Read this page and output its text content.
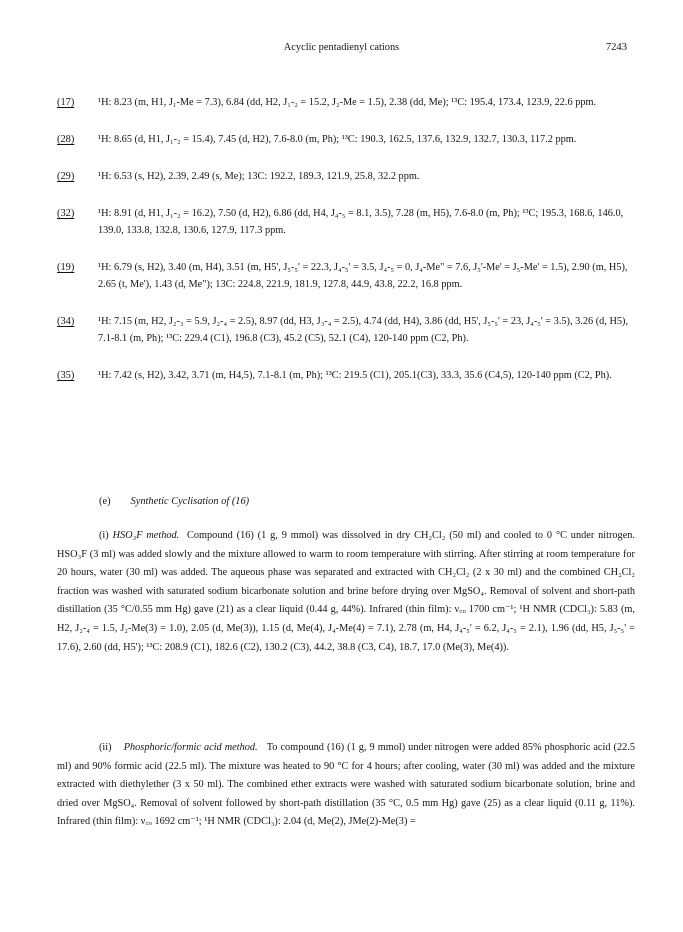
Acyclic pentadienyl cations	7243
(17)	¹H: 8.23 (m, H1, J₁-Me = 7.3), 6.84 (dd, H2, J₁-₂ = 15.2, J₂-Me = 1.5), 2.38 (dd, Me); ¹³C: 195.4, 173.4, 123.9, 22.6 ppm.
(28)	¹H: 8.65 (d, H1, J₁-₂ = 15.4), 7.45 (d, H2), 7.6-8.0 (m, Ph); ¹³C: 190.3, 162.5, 137.6, 132.9, 132.7, 130.3, 117.2 ppm.
(29)	¹H: 6.53 (s, H2), 2.39, 2.49 (s, Me); 13C: 192.2, 189.3, 121.9, 25.8, 32.2 ppm.
(32)	¹H: 8.91 (d, H1, J₁-₂ = 16.2), 7.50 (d, H2), 6.86 (dd, H4, J₄-₅ = 8.1, 3.5), 7.28 (m, H5), 7.6-8.0 (m, Ph); ¹³C; 195.3, 168.6, 146.0, 139.0, 133.8, 132.8, 130.6, 127.9, 117.3 ppm.
(19)	¹H: 6.79 (s, H2), 3.40 (m, H4), 3.51 (m, H5', J₅-₅' = 22.3, J₄-₅' = 3.5, J₄-₅ = 0, J₄-Me" = 7.6, J₅'-Me' = J₅-Me' = 1.5), 2.90 (m, H5), 2.65 (t, Me'), 1.43 (d, Me"); 13C: 224.8, 221.9, 181.9, 127.8, 44.9, 43.8, 22.2, 16.8 ppm.
(34)	¹H: 7.15 (m, H2, J₂-₃ = 5.9, J₂-₄ = 2.5), 8.97 (dd, H3, J₃-₄ = 2.5), 4.74 (dd, H4), 3.86 (dd, H5', J₅-₅' = 23, J₄-₅' = 3.5), 3.26 (d, H5), 7.1-8.1 (m, Ph); ¹³C: 229.4 (C1), 196.8 (C3), 45.2 (C5), 52.1 (C4), 120-140 ppm (C2, Ph).
(35)	¹H: 7.42 (s, H2), 3.42, 3.71 (m, H4,5), 7.1-8.1 (m, Ph); ¹³C: 219.5 (C1), 205.1(C3), 33.3, 35.6 (C4,5), 120-140 ppm (C2, Ph).
(e) Synthetic Cyclisation of (16)
(i) HSO₃F method. Compound (16) (1 g, 9 mmol) was dissolved in dry CH₂Cl₂ (50 ml) and cooled to 0 °C under nitrogen. HSO₃F (3 ml) was added slowly and the mixture allowed to warm to room temperature with stirring. After stirring at room temperature for 20 hours, water (30 ml) was added. The aqueous phase was separated and extracted with CH₂Cl₂ (2 x 30 ml) and the combined CH₂Cl₂ fraction was washed with saturated sodium bicarbonate solution and brine before drying over MgSO₄. Removal of solvent and short-path distillation (35 °C/0.55 mm Hg) gave (21) as a clear liquid (0.44 g, 44%). Infrared (thin film): ν꜀ₒ 1700 cm⁻¹; ¹H NMR (CDCl₃): 5.83 (m, H2, J₂-₄ = 1.5, J₂-Me(3) = 1.0), 2.05 (d, Me(3)), 1.15 (d, Me(4), J₄-Me(4) = 7.1), 2.78 (m, H4, J₄-₅' = 6.2, J₄-₅ = 2.1), 1.96 (dd, H5, J₅-₅' = 17.6), 2.60 (dd, H5'); ¹³C: 208.9 (C1), 182.6 (C2), 130.2 (C3), 44.2, 38.8 (C3, C4), 18.7, 17.0 (Me(3), Me(4)).
(ii) Phosphoric/formic acid method. To compound (16) (1 g, 9 mmol) under nitrogen were added 85% phosphoric acid (22.5 ml) and 90% formic acid (22.5 ml). The mixture was heated to 90 °C for 4 hours; after cooling, water (30 ml) was added and the mixture extracted with diethylether (3 x 50 ml). The combined ether extracts were washed with saturated sodium bicarbonate solution, brine and dried over MgSO₄. Removal of solvent followed by short-path distillation (35 °C, 0.5 mm Hg) gave (25) as a clear liquid (0.11 g, 11%). Infrared (thin film): ν꜀ₒ 1692 cm⁻¹; ¹H NMR (CDCl₃): 2.04 (d, Me(2), JMe(2)-Me(3) =
